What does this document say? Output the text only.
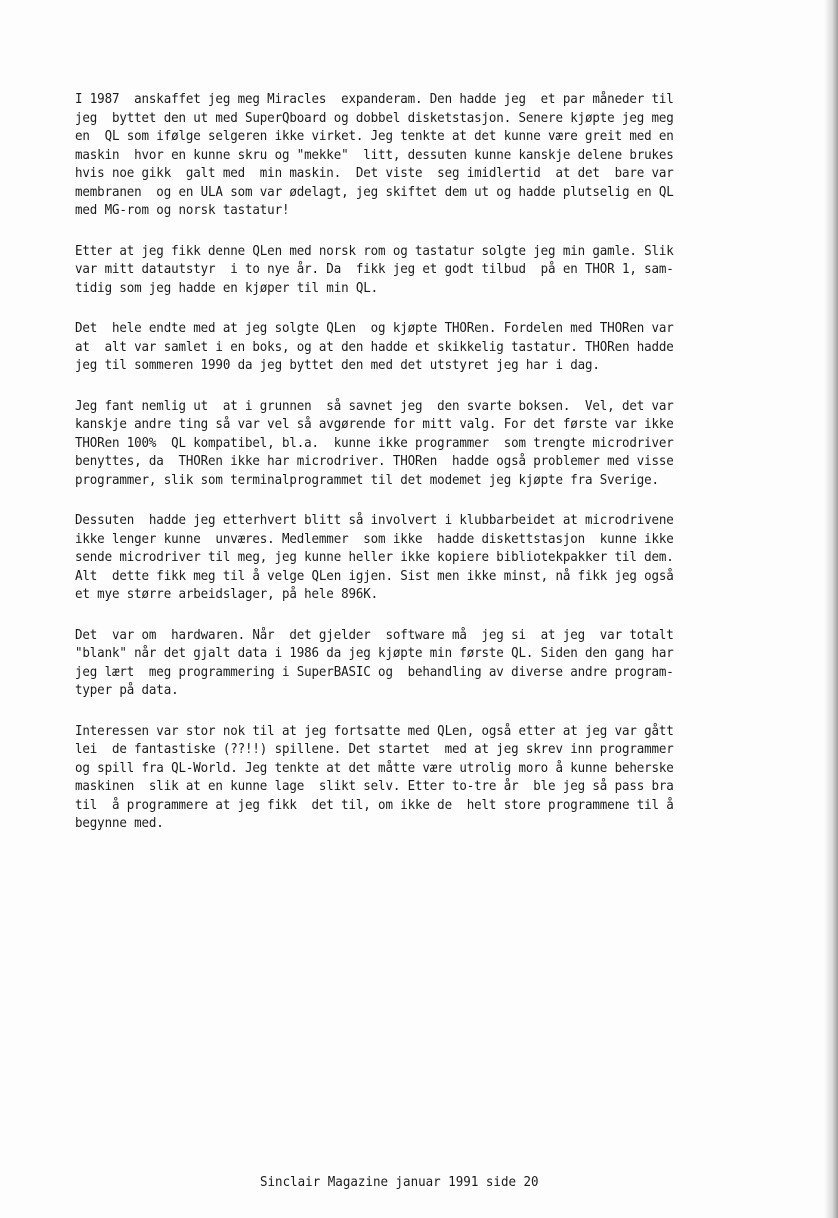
I 1987  anskaffet jeg meg Miracles  expanderam. Den hadde jeg  et par måneder til
jeg  byttet den ut med SuperQboard og dobbel disketstasjon. Senere kjøpte jeg meg
en  QL som ifølge selgeren ikke virket. Jeg tenkte at det kunne være greit med en
maskin  hvor en kunne skru og "mekke"  litt, dessuten kunne kanskje delene brukes
hvis noe gikk  galt med  min maskin.  Det viste  seg imidlertid  at det  bare var
membranen  og en ULA som var ødelagt, jeg skiftet dem ut og hadde plutselig en QL
med MG-rom og norsk tastatur!
Etter at jeg fikk denne QLen med norsk rom og tastatur solgte jeg min gamle. Slik
var mitt datautstyr  i to nye år. Da  fikk jeg et godt tilbud  på en THOR 1, sam-
tidig som jeg hadde en kjøper til min QL.
Det  hele endte med at jeg solgte QLen  og kjøpte THORen. Fordelen med THORen var
at  alt var samlet i en boks, og at den hadde et skikkelig tastatur. THORen hadde
jeg til sommeren 1990 da jeg byttet den med det utstyret jeg har i dag.
Jeg fant nemlig ut  at i grunnen  så savnet jeg  den svarte boksen.  Vel, det var
kanskje andre ting så var vel så avgørende for mitt valg. For det første var ikke
THORen 100%  QL kompatibel, bl.a.  kunne ikke programmer  som trengte microdriver
benyttes, da  THORen ikke har microdriver. THORen  hadde også problemer med visse
programmer, slik som terminalprogrammet til det modemet jeg kjøpte fra Sverige.
Dessuten  hadde jeg etterhvert blitt så involvert i klubbarbeidet at microdrivene
ikke lenger kunne  unværes. Medlemmer  som ikke  hadde diskettstasjon  kunne ikke
sende microdriver til meg, jeg kunne heller ikke kopiere bibliotekpakker til dem.
Alt  dette fikk meg til å velge QLen igjen. Sist men ikke minst, nå fikk jeg også
et mye større arbeidslager, på hele 896K.
Det  var om  hardwaren. Når  det gjelder  software må  jeg si  at jeg  var totalt
"blank" når det gjalt data i 1986 da jeg kjøpte min første QL. Siden den gang har
jeg lært  meg programmering i SuperBASIC og  behandling av diverse andre program-
typer på data.
Interessen var stor nok til at jeg fortsatte med QLen, også etter at jeg var gått
lei  de fantastiske (??!!) spillene. Det startet  med at jeg skrev inn programmer
og spill fra QL-World. Jeg tenkte at det måtte være utrolig moro å kunne beherske
maskinen  slik at en kunne lage  slikt selv. Etter to-tre år  ble jeg så pass bra
til  å programmere at jeg fikk  det til, om ikke de  helt store programmene til å
begynne med.
Sinclair Magazine januar 1991 side 20
